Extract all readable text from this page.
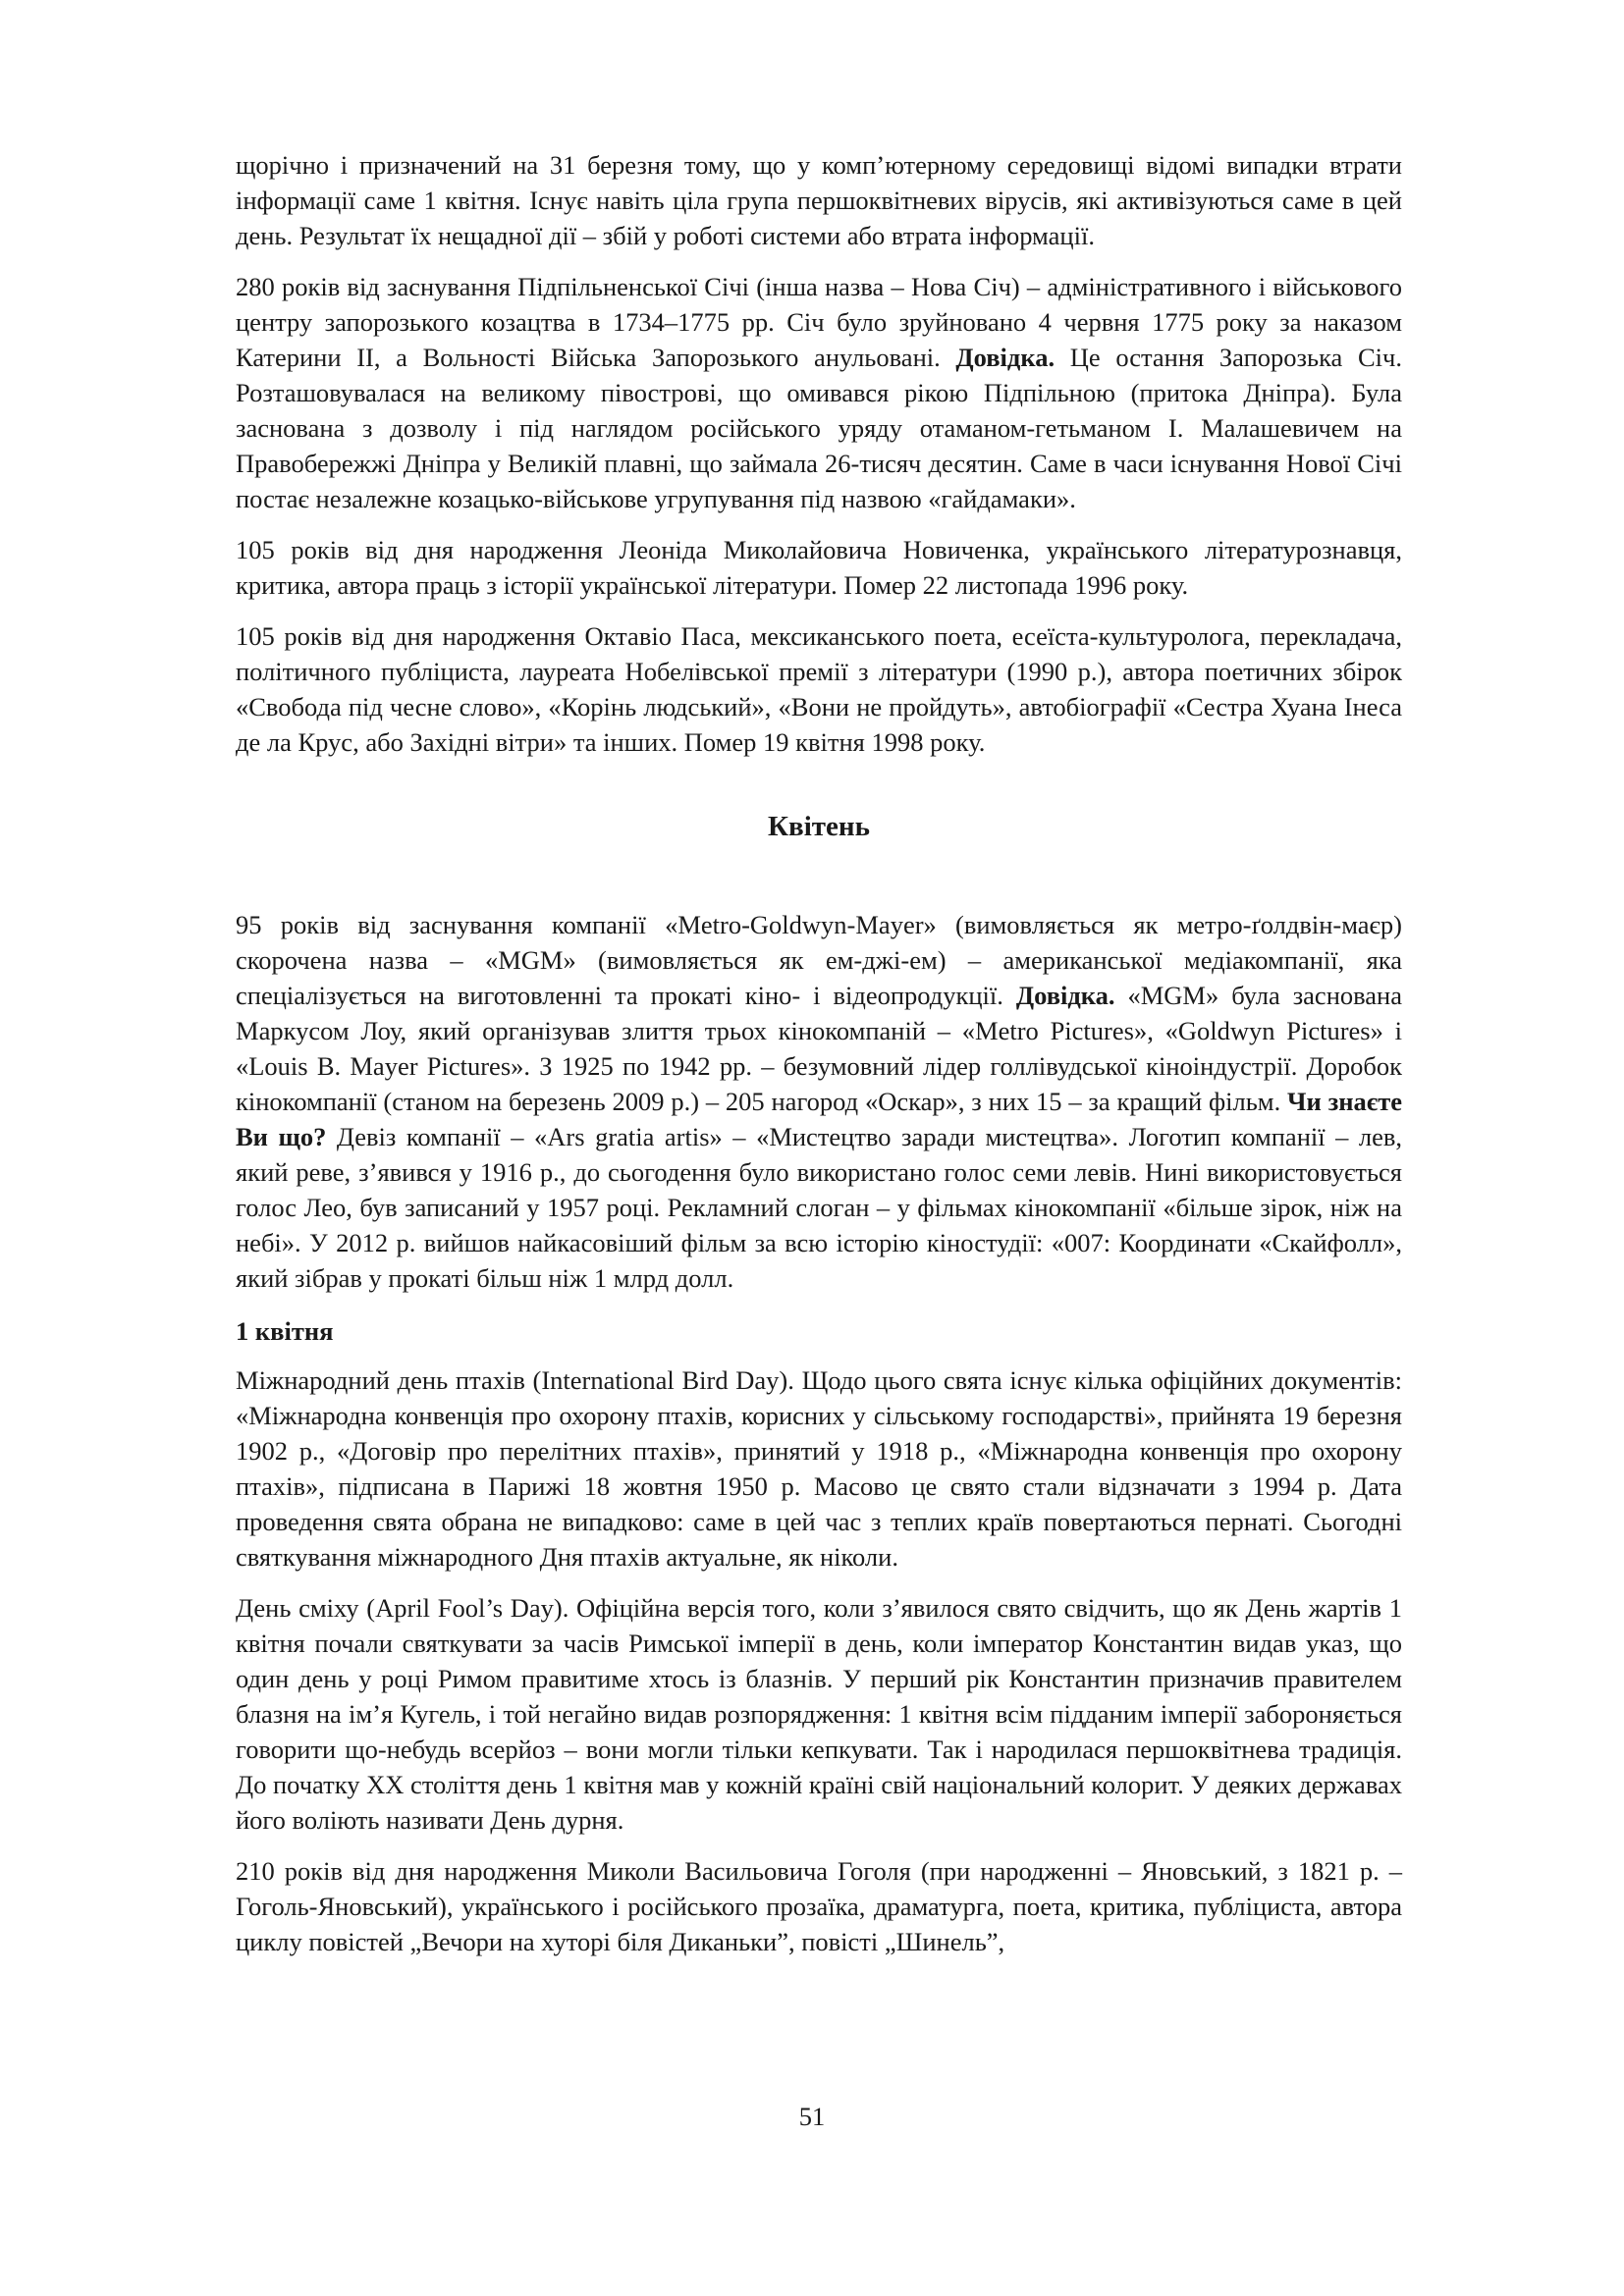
щорічно і призначений на 31 березня тому, що у комп’ютерному середовищі відомі випадки втрати інформації саме 1 квітня. Існує навіть ціла група першоквітневих вірусів, які активізуються саме в цей день. Результат їх нещадної дії – збій у роботі системи або втрата інформації.

280 років від заснування Підпільненської Січі (інша назва – Нова Січ) – адміністративного і військового центру запорозького козацтва в 1734–1775 рр. Січ було зруйновано 4 червня 1775 року за наказом Катерини II, а Вольності Війська Запорозького анульовані. Довідка. Це остання Запорозька Січ. Розташовувалася на великому півострові, що омивався рікою Підпільною (притока Дніпра). Була заснована з дозволу і під наглядом російського уряду отаманом-гетьманом І. Малашевичем на Правобережжі Дніпра у Великій плавні, що займала 26-тисяч десятин. Саме в часи існування Нової Січі постає незалежне козацько-військове угрупування під назвою «гайдамаки».

105 років від дня народження Леоніда Миколайовича Новиченка, українського літературознавця, критика, автора праць з історії української літератури. Помер 22 листопада 1996 року.

105 років від дня народження Октавіо Паса, мексиканського поета, есеїста-культуролога, перекладача, політичного публіциста, лауреата Нобелівської премії з літератури (1990 р.), автора поетичних збірок «Свобода під чесне слово», «Корінь людський», «Вони не пройдуть», автобіографії «Сестра Хуана Інеса де ла Крус, або Західні вітри» та інших. Помер 19 квітня 1998 року.

Квітень

95 років від заснування компанії «Metro-Goldwyn-Mayer» (вимовляється як метро-ґолдвін-маєр) скорочена назва – «MGM» (вимовляється як ем-джі-ем) – американської медіакомпанії, яка спеціалізується на виготовленні та прокаті кіно- і відеопродукції. Довідка. «MGM» була заснована Маркусом Лоу, який організував злиття трьох кінокомпаній – «Metro Pictures», «Goldwyn Pictures» і «Louis B. Mayer Pictures». З 1925 по 1942 рр. – безумовний лідер голлівудської кіноіндустрії. Доробок кінокомпанії (станом на березень 2009 р.) – 205 нагород «Оскар», з них 15 – за кращий фільм. Чи знаєте Ви що? Девіз компанії – «Ars gratia artis» – «Мистецтво заради мистецтва». Логотип компанії – лев, який реве, з’явився у 1916 р., до сьогодення було використано голос семи левів. Нині використовується голос Лео, був записаний у 1957 році. Рекламний слоган – у фільмах кінокомпанії «більше зірок, ніж на небі». У 2012 р. вийшов найкасовіший фільм за всю історію кіностудії: «007: Координати «Скайфолл», який зібрав у прокаті більш ніж 1 млрд долл.

1 квітня

Міжнародний день птахів (International Bird Day). Щодо цього свята існує кілька офіційних документів: «Міжнародна конвенція про охорону птахів, корисних у сільському господарстві», прийнята 19 березня 1902 р., «Договір про перелітних птахів», принятий у 1918 р., «Міжнародна конвенція про охорону птахів», підписана в Парижі 18 жовтня 1950 р. Масово це свято стали відзначати з 1994 р. Дата проведення свята обрана не випадково: саме в цей час з теплих країв повертаються пернаті. Сьогодні святкування міжнародного Дня птахів актуальне, як ніколи.

День сміху (April Fool’s Day). Офіційна версія того, коли з’явилося свято свідчить, що як День жартів 1 квітня почали святкувати за часів Римської імперії в день, коли імператор Константин видав указ, що один день у році Римом правитиме хтось із блазнів. У перший рік Константин призначив правителем блазня на ім’я Кугель, і той негайно видав розпорядження: 1 квітня всім підданим імперії забороняється говорити що-небудь всерйоз – вони могли тільки кепкувати. Так і народилася першоквітнева традиція. До початку XX століття день 1 квітня мав у кожній країні свій національний колорит. У деяких державах його воліють називати День дурня.

210 років від дня народження Миколи Васильовича Гоголя (при народженні – Яновський, з 1821 р. – Гоголь-Яновський), українського і російського прозаїка, драматурга, поета, критика, публіциста, автора циклу повістей „Вечори на хуторі біля Диканьки”, повісті „Шинель”,

51
